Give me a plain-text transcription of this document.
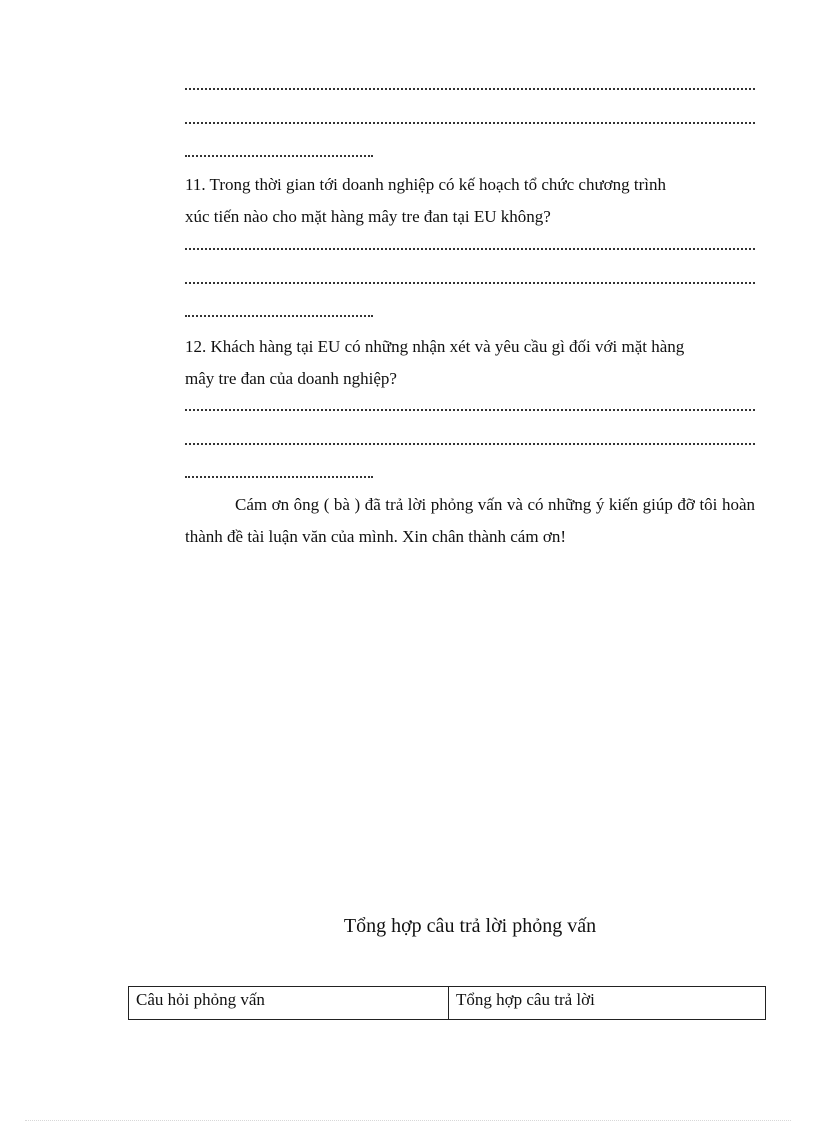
11. Trong thời gian tới doanh nghiệp có kế hoạch tổ chức chương trình
xúc tiến nào cho mặt hàng mây tre đan tại EU không?
12. Khách hàng tại EU có những nhận xét và yêu cầu gì đối với mặt hàng
mây tre đan của doanh nghiệp?
Cám ơn ông ( bà ) đã trả lời phỏng vấn và có những ý kiến giúp đỡ tôi hoàn thành đề tài luận văn của mình. Xin chân thành cám ơn!
Tổng hợp câu trả lời phỏng vấn
Câu hỏi phỏng vấn	Tổng hợp câu trả lời
